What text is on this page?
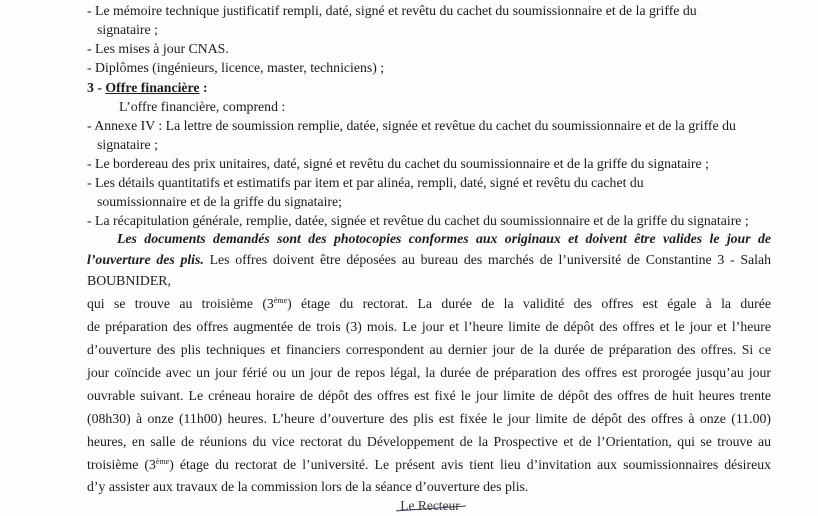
- Le mémoire technique justificatif rempli, daté, signé et revêtu du cachet du soumissionnaire et de la griffe du

signataire ;

- Les mises à jour CNAS.

- Diplômes (ingénieurs, licence, master, techniciens) ;

3 - Offre financière :

L’offre financière, comprend :

- Annexe IV : La lettre de soumission remplie, datée, signée et revêtue du cachet du soumissionnaire et de la griffe du

signataire ;

- Le bordereau des prix unitaires, daté, signé et revêtu du cachet du soumissionnaire et de la griffe du signataire ;

- Les détails quantitatifs et estimatifs par item et par alinéa, rempli, daté, signé et revêtu du cachet du

soumissionnaire et de la griffe du signataire;

- La récapitulation générale, remplie, datée, signée et revêtue du cachet du soumissionnaire et de la griffe du signataire ;

Les documents demandés sont des photocopies conformes aux originaux et doivent être valides le jour de

l’ouverture des plis. Les offres doivent être déposées au bureau des marchés de l’université de Constantine 3 - Salah

BOUBNIDER,

qui se trouve au troisième (3ème) étage du rectorat. La durée de la validité des offres est égale à la durée

de préparation des offres augmentée de trois (3) mois. Le jour et l’heure limite de dépôt des offres et le jour et l’heure

d’ouverture des plis techniques et financiers correspondent au dernier jour de la durée de préparation des offres. Si ce

jour coïncide avec un jour férié ou un jour de repos légal, la durée de préparation des offres est prorogée jusqu’au jour

ouvrable suivant. Le créneau horaire de dépôt des offres est fixé le jour limite de dépôt des offres de huit heures trente

(08h30) à onze (11h00) heures. L’heure d’ouverture des plis est fixée le jour limite de dépôt des offres à onze (11.00)

heures, en salle de réunions du vice rectorat du Développement de la Prospective et de l’Orientation, qui se trouve au

troisième (3ème) étage du rectorat de l’université. Le présent avis tient lieu d’invitation aux soumissionnaires désireux

d’y assister aux travaux de la commission lors de la séance d’ouverture des plis.

Le Recteur
